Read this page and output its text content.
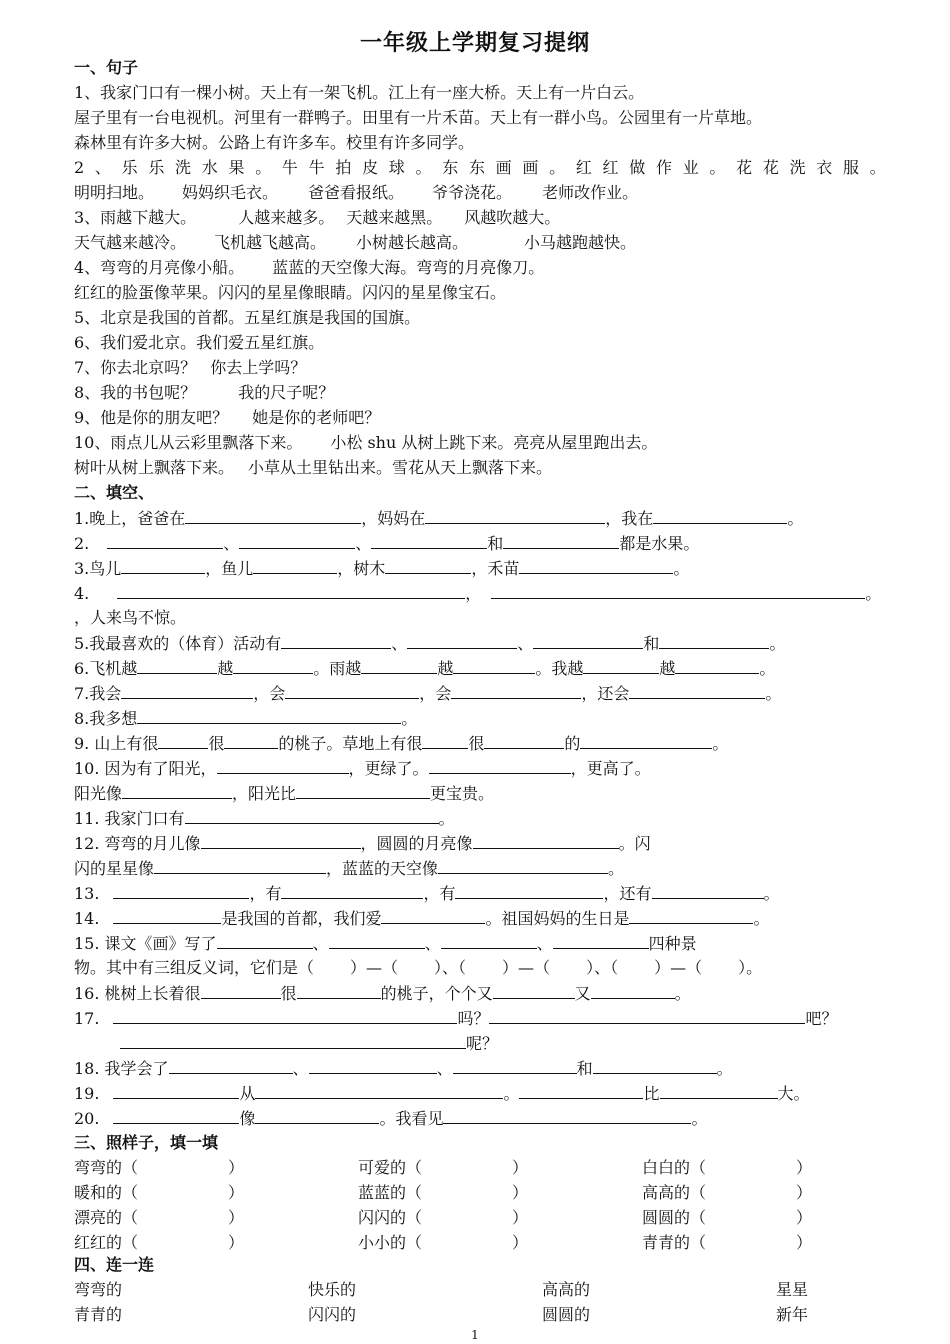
一年级上学期复习提纲
一、句子
1、我家门口有一棵小树。天上有一架飞机。江上有一座大桥。天上有一片白云。
屋子里有一台电视机。河里有一群鸭子。田里有一片禾苗。天上有一群小鸟。公园里有一片草地。
森林里有许多大树。公路上有许多车。校里有许多同学。
2 、 乐 乐 洗 水 果 。 牛 牛 拍 皮 球 。 东 东 画 画 。 红 红 做 作 业 。 花 花 洗 衣 服 。
明明扫地。 妈妈织毛衣。 爸爸看报纸。 爷爷浇花。 老师改作业。
3、雨越下越大。	人越来越多。 天越来越黑。 风越吹越大。
天气越来越冷。 飞机越飞越高。 小树越长越高。	小马越跑越快。
4、弯弯的月亮像小船。 蓝蓝的天空像大海。弯弯的月亮像刀。
红红的脸蛋像苹果。闪闪的星星像眼睛。闪闪的星星像宝石。
5、北京是我国的首都。五星红旗是我国的国旗。
6、我们爱北京。我们爱五星红旗。
7、你去北京吗？ 你去上学吗？
8、我的书包呢？	我的尺子呢？
9、他是你的朋友吧？ 她是你的老师吧？
10、雨点儿从云彩里飘落下来。 小松 shu 从树上跳下来。亮亮从屋里跑出去。
树叶从树上飘落下来。 小草从土里钻出来。雪花从天上飘落下来。
二、填空、
1.晚上，爸爸在	，妈妈在	，我在	。
2.	、	、	和	都是水果。
3.鸟儿	，鱼儿	，树木	，禾苗	。
4.	，	。
，人来鸟不惊。
5.我最喜欢的（体育）活动有	、	、	和	。
6.飞机越	越	。雨越	越	。我越	越	。
7.我会	，会	，会	，还会	。
8.我多想	。
9. 山上有很	很	的桃子。草地上有很	很	的	。
10. 因为有了阳光，	，更绿了。	，更高了。
阳光像	，阳光比	更宝贵。
11. 我家门口有	。
12. 弯弯的月儿像	，圆圆的月亮像	。闪
闪的星星像	，蓝蓝的天空像	。
13.	，有	，有	，还有	。
14.	是我国的首都，我们爱	。祖国妈妈的生日是	。
15. 课文《画》写了	、	、	、	四种景
物。其中有三组反义词，它们是（ ）—（ ）、（ ）—（ ）、（ ）—（ ）。
16. 桃树上长着很	很	的桃子，个个又	又	。
17.	吗？	吧？
呢？
18. 我学会了	、	、	和	。
19.	从	。	比	大。
20.	像	。我看见	。
三、照样子，填一填
弯弯的（	）	可爱的（	）	白白的（	）
暖和的（	）	蓝蓝的（	）	高高的（	）
漂亮的（	）	闪闪的（	）	圆圆的（	）
红红的（	）	小小的（	）	青青的（	）
四、连一连
弯弯的	快乐的	高高的	星星
青青的	闪闪的	圆圆的	新年
1
